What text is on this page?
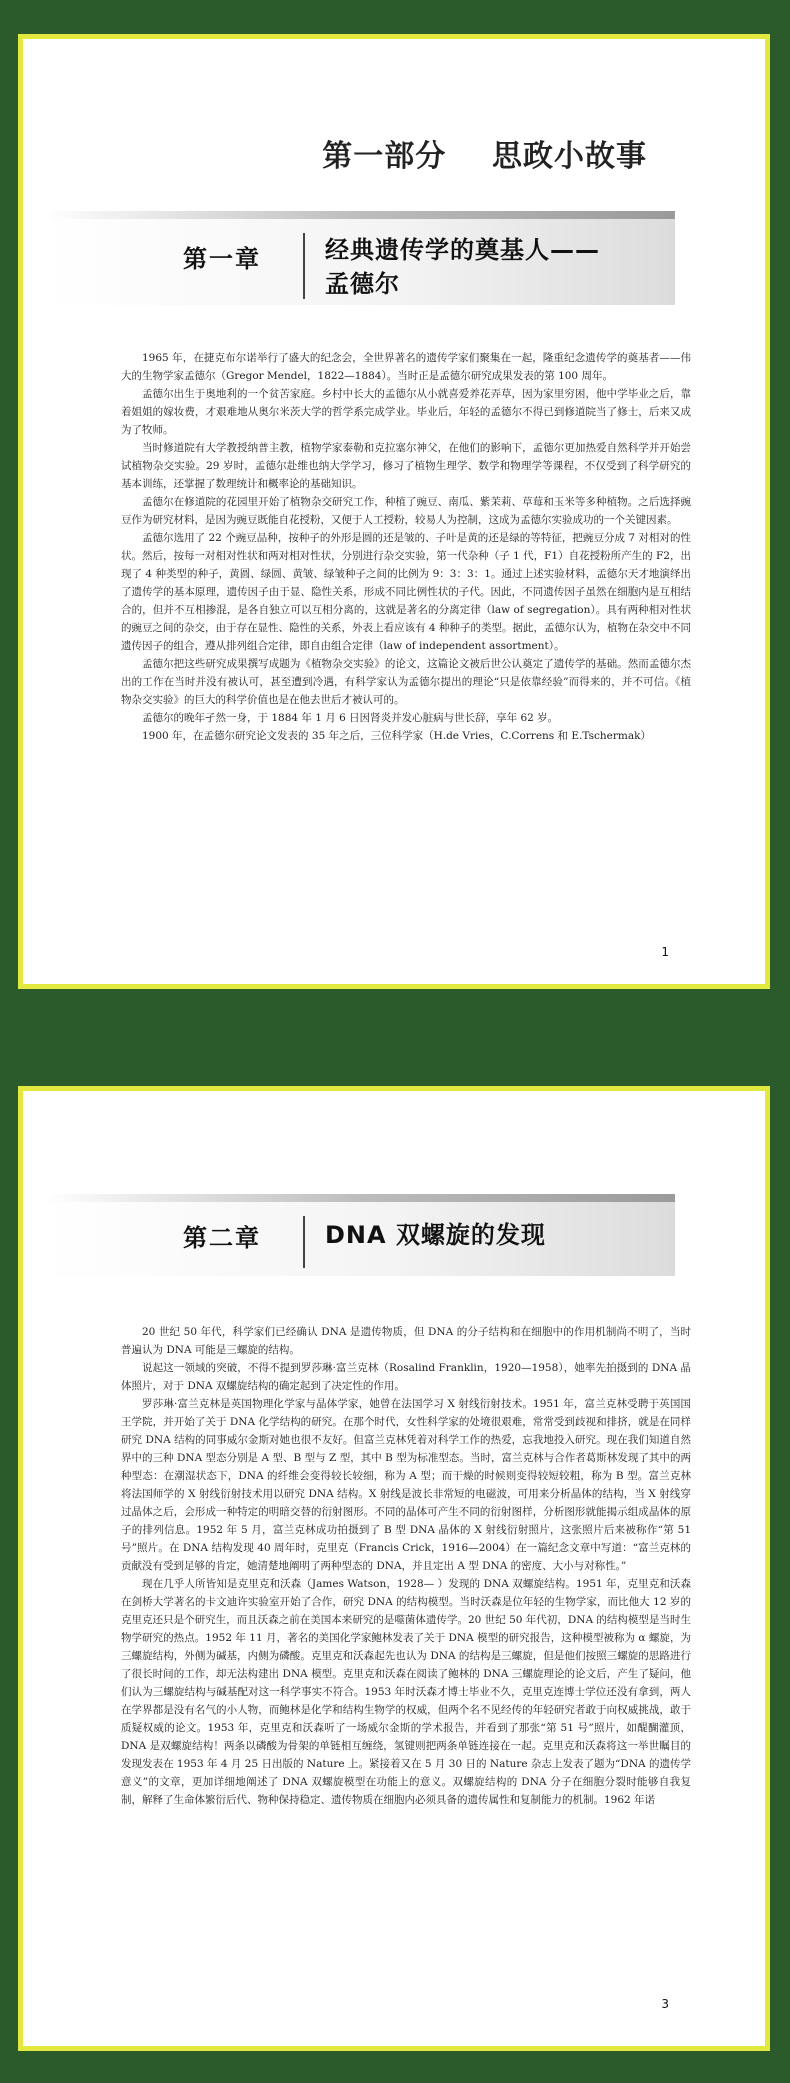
第一部分    思政小故事
第一章	经典遗传学的奠基人——
孟德尔

1965 年，在捷克布尔诺举行了盛大的纪念会，全世界著名的遗传学家们聚集在一起，隆重纪念遗传学的奠基者——伟大的生物学家孟德尔（Gregor Mendel，1822—1884）。当时正是孟德尔研究成果发表的第 100 周年。

孟德尔出生于奥地利的一个贫苦家庭。乡村中长大的孟德尔从小就喜爱养花弄草，因为家里穷困，他中学毕业之后，靠着姐姐的嫁妆费，才艰难地从奥尔米茨大学的哲学系完成学业。毕业后，年轻的孟德尔不得已到修道院当了修士，后来又成为了牧师。

当时修道院有大学教授纳普主教，植物学家泰勒和克拉塞尔神父，在他们的影响下，孟德尔更加热爱自然科学并开始尝试植物杂交实验。29 岁时，孟德尔赴维也纳大学学习，修习了植物生理学、数学和物理学等课程，不仅受到了科学研究的基本训练，还掌握了数理统计和概率论的基础知识。

孟德尔在修道院的花园里开始了植物杂交研究工作，种植了豌豆、南瓜、紫茉莉、草莓和玉米等多种植物。之后选择豌豆作为研究材料，是因为豌豆既能自花授粉，又便于人工授粉，较易人为控制，这成为孟德尔实验成功的一个关键因素。

孟德尔选用了 22 个豌豆品种，按种子的外形是圆的还是皱的、子叶是黄的还是绿的等特征，把豌豆分成 7 对相对的性状。然后，按每一对相对性状和两对相对性状，分别进行杂交实验，第一代杂种（子 1 代，F1）自花授粉所产生的 F2，出现了 4 种类型的种子，黄圆、绿圆、黄皱、绿皱种子之间的比例为 9：3：3：1。通过上述实验材料，孟德尔天才地演绎出了遗传学的基本原理，遗传因子由于显、隐性关系，形成不同比例性状的子代。因此，不同遗传因子虽然在细胞内是互相结合的，但并不互相掺混，是各自独立可以互相分离的，这就是著名的分离定律（law of segregation）。具有两种相对性状的豌豆之间的杂交，由于存在显性、隐性的关系，外表上看应该有 4 种种子的类型。据此，孟德尔认为，植物在杂交中不同遗传因子的组合，遵从排列组合定律，即自由组合定律（law of independent assortment）。

孟德尔把这些研究成果撰写成题为《植物杂交实验》的论文，这篇论文被后世公认奠定了遗传学的基础。然而孟德尔杰出的工作在当时并没有被认可，甚至遭到冷遇，有科学家认为孟德尔提出的理论“只是依靠经验”而得来的，并不可信。《植物杂交实验》的巨大的科学价值也是在他去世后才被认可的。

孟德尔的晚年孑然一身，于 1884 年 1 月 6 日因肾炎并发心脏病与世长辞，享年 62 岁。

1900 年，在孟德尔研究论文发表的 35 年之后，三位科学家（H.de Vries，C.Correns 和 E.Tschermak）

1
第二章	DNA 双螺旋的发现

20 世纪 50 年代，科学家们已经确认 DNA 是遗传物质，但 DNA 的分子结构和在细胞中的作用机制尚不明了，当时普遍认为 DNA 可能是三螺旋的结构。

说起这一领域的突破，不得不提到罗莎琳·富兰克林（Rosalind Franklin，1920—1958），她率先拍摄到的 DNA 晶体照片，对于 DNA 双螺旋结构的确定起到了决定性的作用。

罗莎琳·富兰克林是英国物理化学家与晶体学家，她曾在法国学习 X 射线衍射技术。1951 年，富兰克林受聘于英国国王学院，并开始了关于 DNA 化学结构的研究。在那个时代，女性科学家的处境很艰难，常常受到歧视和排挤，就是在同样研究 DNA 结构的同事威尔金斯对她也很不友好。但富兰克林凭着对科学工作的热爱，忘我地投入研究。现在我们知道自然界中的三种 DNA 型态分别是 A 型、B 型与 Z 型，其中 B 型为标准型态。当时，富兰克林与合作者葛斯林发现了其中的两种型态：在潮湿状态下，DNA 的纤维会变得较长较细，称为 A 型；而干燥的时候则变得较短较粗，称为 B 型。富兰克林将法国师学的 X 射线衍射技术用以研究 DNA 结构。X 射线是波长非常短的电磁波，可用来分析晶体的结构，当 X 射线穿过晶体之后，会形成一种特定的明暗交替的衍射图形。不同的晶体可产生不同的衍射图样，分析图形就能揭示组成晶体的原子的排列信息。1952 年 5 月，富兰克林成功拍摄到了 B 型 DNA 晶体的 X 射线衍射照片，这张照片后来被称作“第 51 号”照片。在 DNA 结构发现 40 周年时，克里克（Francis Crick，1916—2004）在一篇纪念文章中写道：“富兰克林的贡献没有受到足够的肯定，她清楚地阐明了两种型态的 DNA，并且定出 A 型 DNA 的密度、大小与对称性。”

现在几乎人所皆知是克里克和沃森（James Watson，1928— ）发现的 DNA 双螺旋结构。1951 年，克里克和沃森在剑桥大学著名的卡文迪许实验室开始了合作，研究 DNA 的结构模型。当时沃森是位年轻的生物学家，而比他大 12 岁的克里克还只是个研究生，而且沃森之前在美国本来研究的是噬菌体遗传学。20 世纪 50 年代初，DNA 的结构模型是当时生物学研究的热点。1952 年 11 月，著名的美国化学家鲍林发表了关于 DNA 模型的研究报告，这种模型被称为 α 螺旋，为三螺旋结构，外侧为碱基，内侧为磷酸。克里克和沃森起先也认为 DNA 的结构是三螺旋，但是他们按照三螺旋的思路进行了很长时间的工作，却无法构建出 DNA 模型。克里克和沃森在阅读了鲍林的 DNA 三螺旋理论的论文后，产生了疑问，他们认为三螺旋结构与碱基配对这一科学事实不符合。1953 年时沃森才博士毕业不久，克里克连博士学位还没有拿到，两人在学界都是没有名气的小人物，而鲍林是化学和结构生物学的权威，但两个名不见经传的年轻研究者敢于向权威挑战，敢于质疑权威的论文。1953 年，克里克和沃森听了一场威尔金斯的学术报告，并看到了那张“第 51 号”照片，如醍醐灌顶，DNA 是双螺旋结构！两条以磷酸为骨架的单链相互缠绕，氢键则把两条单链连接在一起。克里克和沃森将这一举世瞩目的发现发表在 1953 年 4 月 25 日出版的 Nature 上。紧接着又在 5 月 30 日的 Nature 杂志上发表了题为“DNA 的遗传学意义”的文章，更加详细地阐述了 DNA 双螺旋模型在功能上的意义。双螺旋结构的 DNA 分子在细胞分裂时能够自我复制，解释了生命体繁衍后代、物种保持稳定、遗传物质在细胞内必须具备的遗传属性和复制能力的机制。1962 年诺

3
